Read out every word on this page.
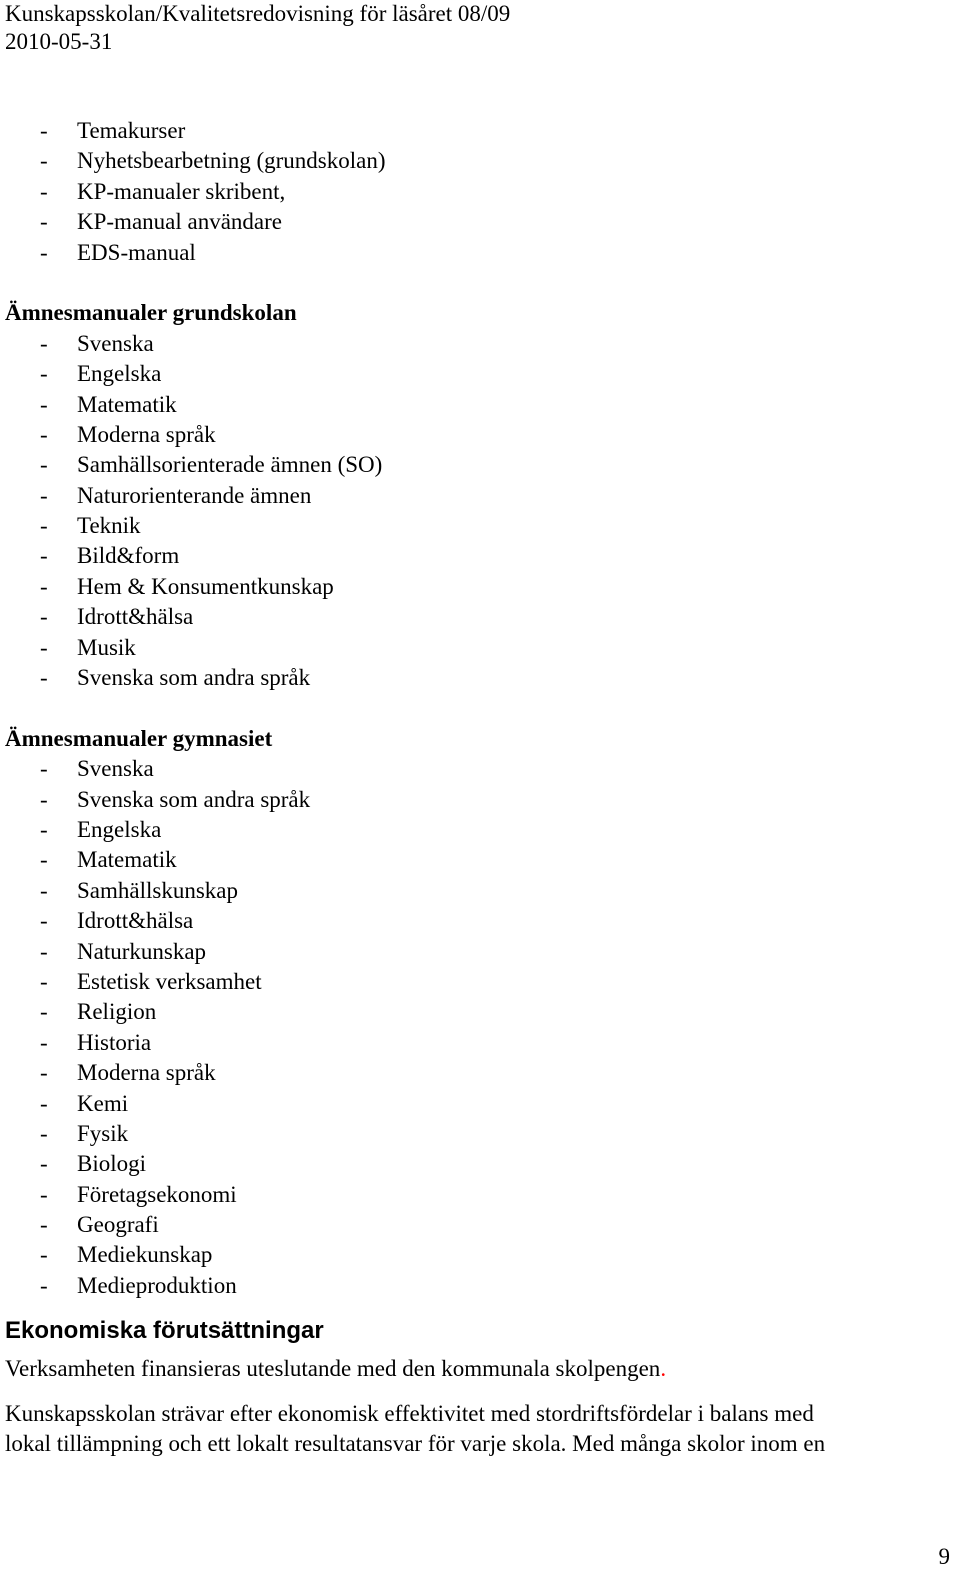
Kunskapsskolan/Kvalitetsredovisning för läsåret 08/09
2010-05-31
- Temakurser
- Nyhetsbearbetning (grundskolan)
- KP-manualer skribent,
- KP-manual användare
- EDS-manual
Ämnesmanualer grundskolan
- Svenska
- Engelska
- Matematik
- Moderna språk
- Samhällsorienterade ämnen (SO)
- Naturorienterande ämnen
- Teknik
- Bild&form
- Hem & Konsumentkunskap
- Idrott&hälsa
- Musik
- Svenska som andra språk
Ämnesmanualer gymnasiet
- Svenska
- Svenska som andra språk
- Engelska
- Matematik
- Samhällskunskap
- Idrott&hälsa
- Naturkunskap
- Estetisk verksamhet
- Religion
- Historia
- Moderna språk
- Kemi
- Fysik
- Biologi
- Företagsekonomi
- Geografi
- Mediekunskap
- Medieproduktion
Ekonomiska förutsättningar

Verksamheten finansieras uteslutande med den kommunala skolpengen.

Kunskapsskolan strävar efter ekonomisk effektivitet med stordriftsfördelar i balans med
lokal tillämpning och ett lokalt resultatansvar för varje skola. Med många skolor inom en

9
